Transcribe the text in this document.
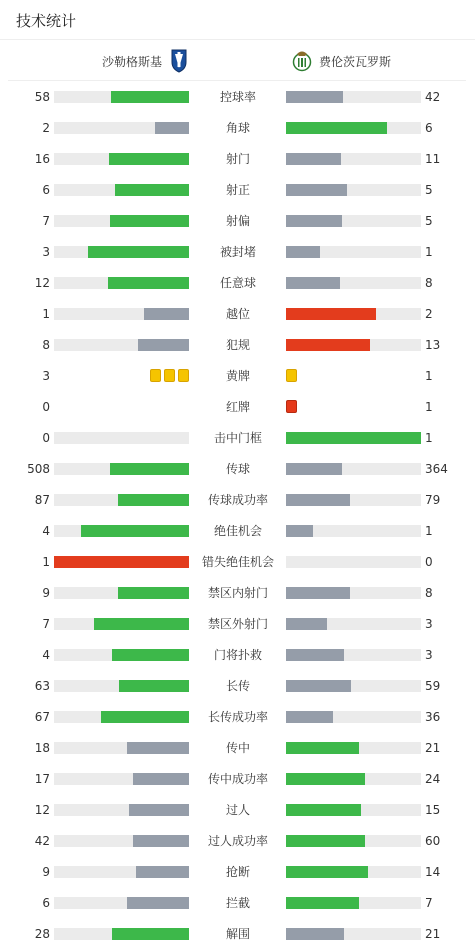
技术统计
沙勒格斯基	费伦茨瓦罗斯
58	控球率	42
2	角球	6
16	射门	11
6	射正	5
7	射偏	5
3	被封堵	1
12	任意球	8
1	越位	2
8	犯规	13
3	黄牌	1
0	红牌	1
0	击中门框	1
508	传球	364
87	传球成功率	79
4	绝佳机会	1
1	错失绝佳机会	0
9	禁区内射门	8
7	禁区外射门	3
4	门将扑救	3
63	长传	59
67	长传成功率	36
18	传中	21
17	传中成功率	24
12	过人	15
42	过人成功率	60
9	抢断	14
6	拦截	7
28	解围	21
